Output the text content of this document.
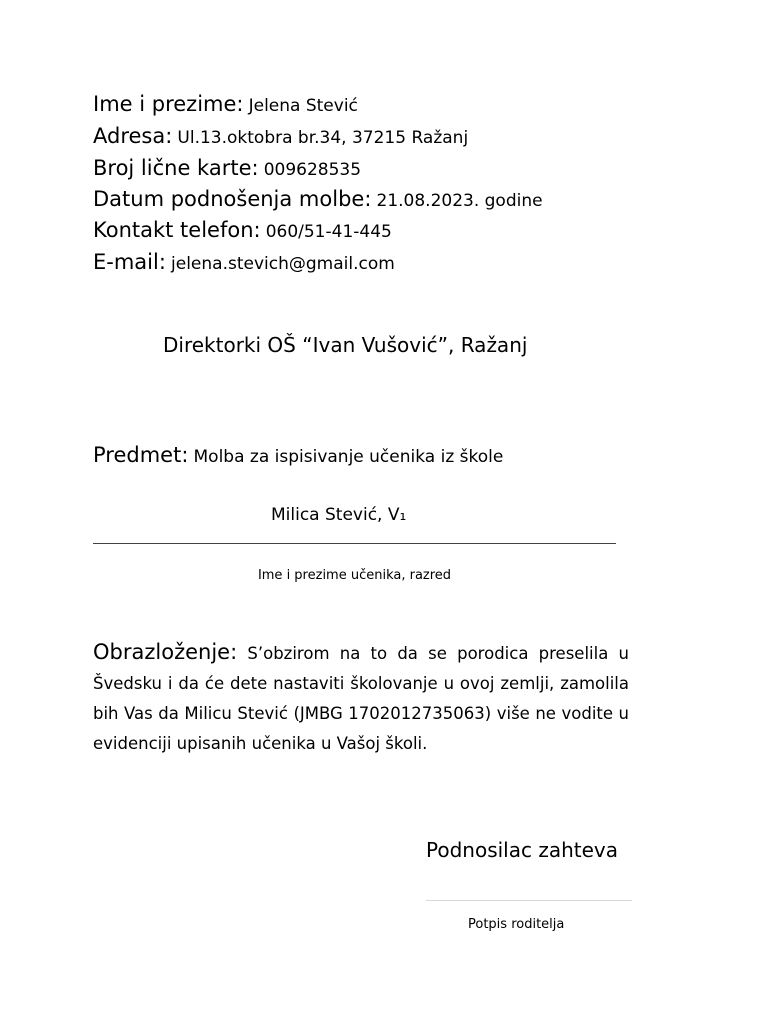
Ime i prezime: Jelena Stević
Adresa: Ul.13.oktobra br.34, 37215 Ražanj
Broj lične karte: 009628535
Datum podnošenja molbe: 21.08.2023. godine
Kontakt telefon: 060/51-41-445
E-mail: jelena.stevich@gmail.com
Direktorki OŠ “Ivan Vušović”, Ražanj
Predmet: Molba za ispisivanje učenika iz škole
Milica Stević, V₁
Ime i prezime učenika, razred
Obrazloženje: S’obzirom na to da se porodica preselila u Švedsku i da će dete nastaviti školovanje u ovoj zemlji, zamolila bih Vas da Milicu Stević (JMBG 1702012735063) više ne vodite u evidenciji upisanih učenika u Vašoj školi.
Podnosilac zahteva
Potpis roditelja
